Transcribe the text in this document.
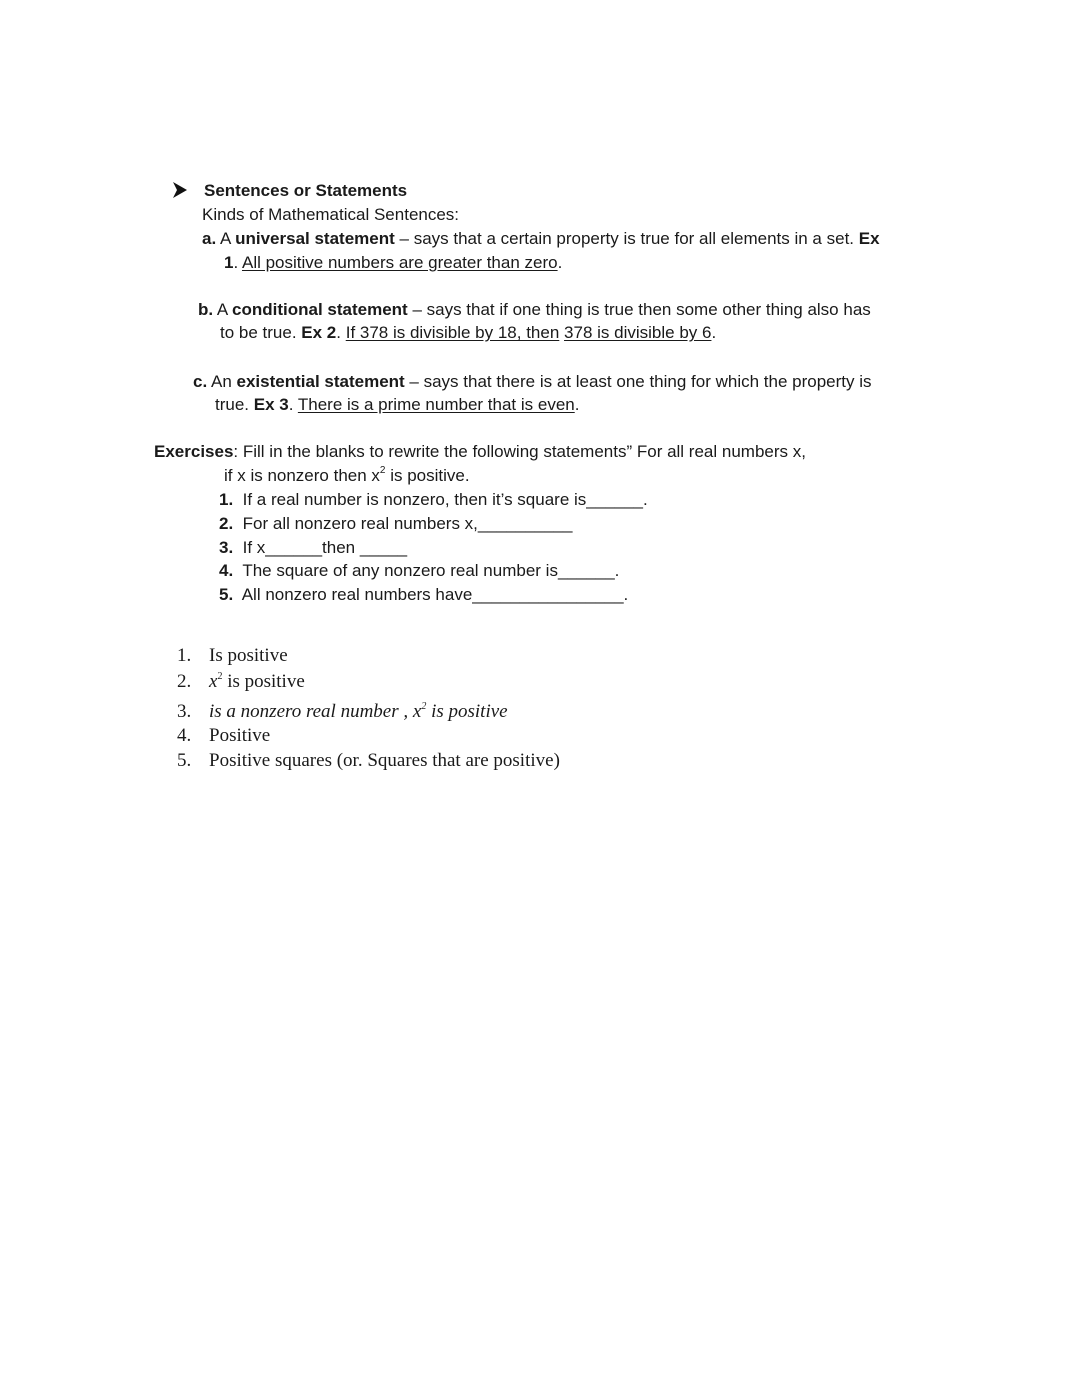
Sentences or Statements
Kinds of Mathematical Sentences:
a. A universal statement – says that a certain property is true for all elements in a set. Ex
1. All positive numbers are greater than zero.
b. A conditional statement – says that if one thing is true then some other thing also has
to be true. Ex 2. If 378 is divisible by 18, then 378 is divisible by 6.
c. An existential statement – says that there is at least one thing for which the property is
true. Ex 3. There is a prime number that is even.
Exercises: Fill in the blanks to rewrite the following statements” For all real numbers x,
if x is nonzero then $x^2$ is positive.
1. If a real number is nonzero, then it’s square is______.
2. For all nonzero real numbers x,__________
3. If x______then _____
4. The square of any nonzero real number is______.
5. All nonzero real numbers have________________.
1. Is positive
2. $x^2$ is positive
3. is a nonzero real number , $x^2$ is positive
4. Positive
5. Positive squares (or. Squares that are positive)
